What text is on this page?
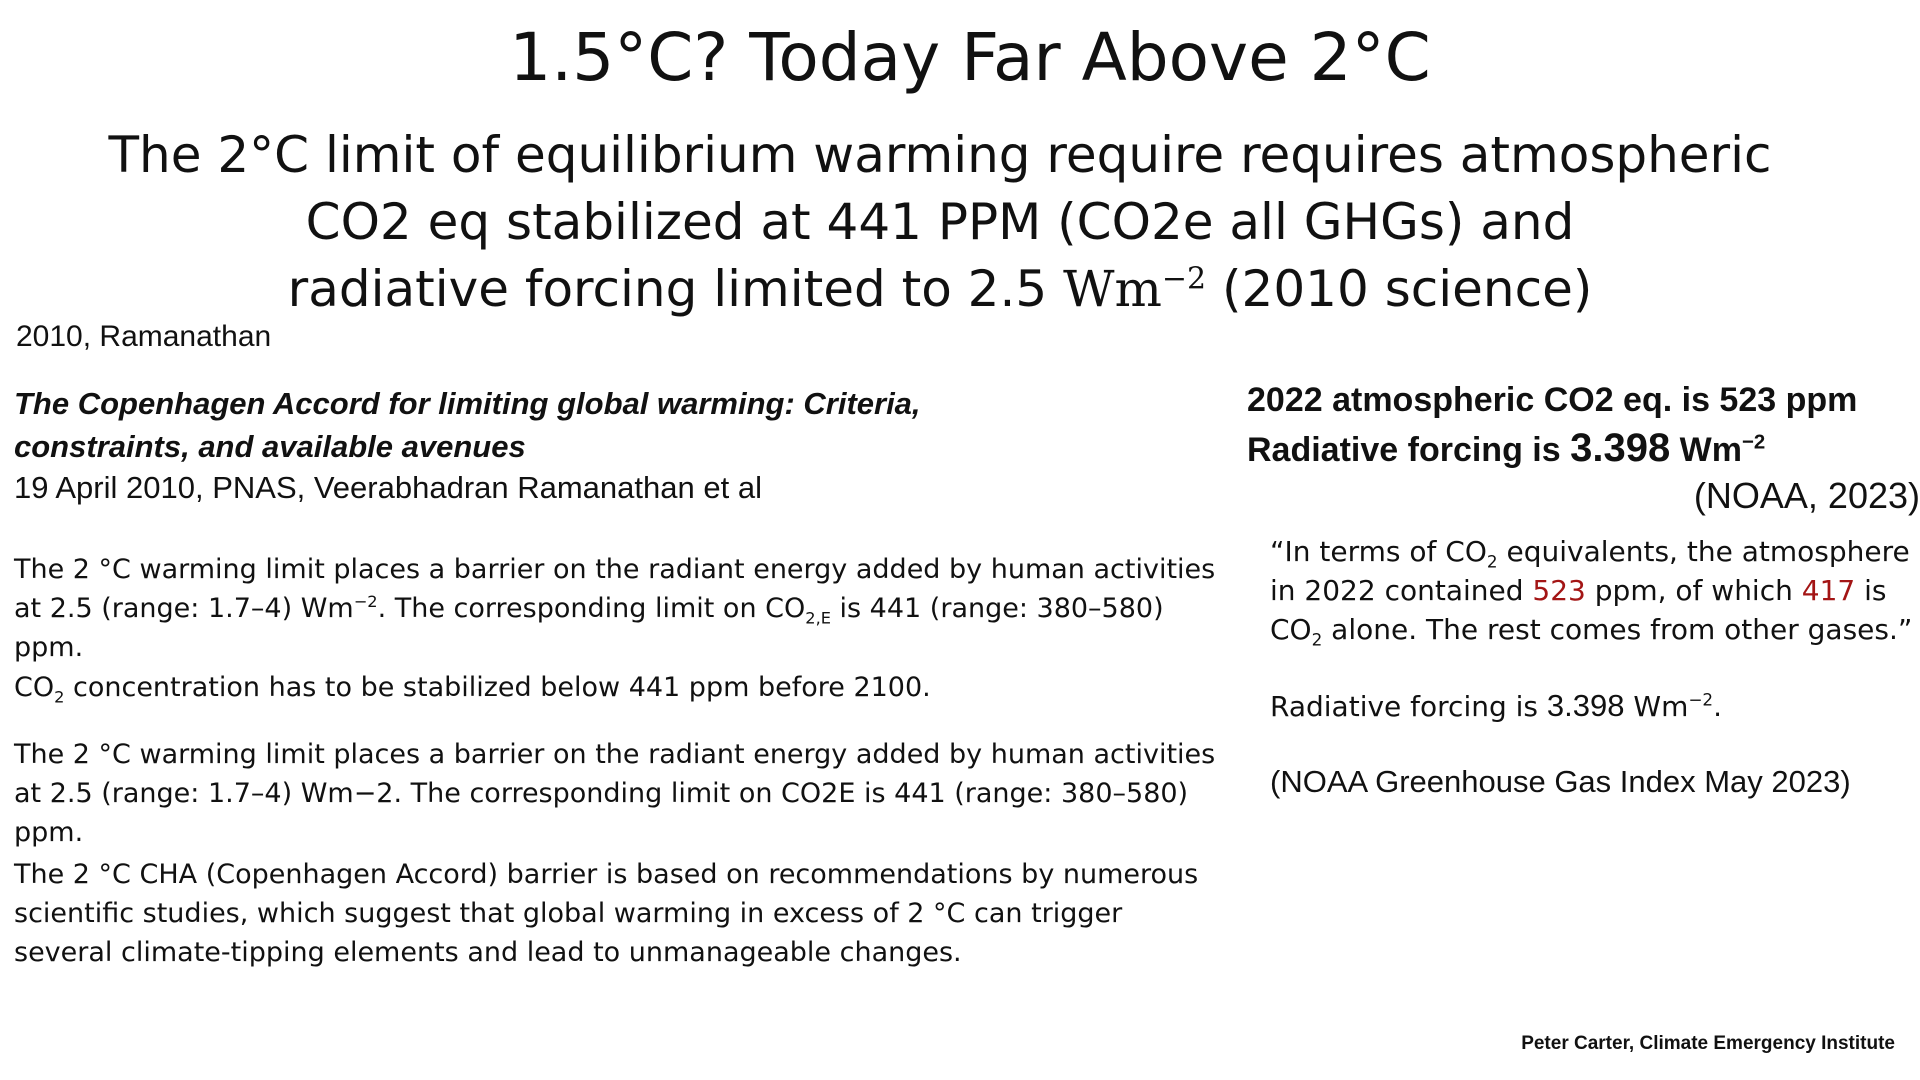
1.5°C? Today Far Above 2°C
The 2°C limit of equilibrium warming require requires atmospheric
CO2 eq stabilized at 441 PPM (CO2e all GHGs) and
radiative forcing limited to 2.5 $Wm^{-2}$ (2010 science)
2010, Ramanathan
The Copenhagen Accord for limiting global warming: Criteria, constraints, and available avenues
19 April 2010, PNAS, Veerabhadran Ramanathan et al
The 2 °C warming limit places a barrier on the radiant energy added by human activities at 2.5 (range: 1.7–4) $Wm^{-2}$. The corresponding limit on $CO_{2,E}$ is 441 (range: 380–580) ppm.
$CO_2$ concentration has to be stabilized below 441 ppm before 2100.
The 2 °C warming limit places a barrier on the radiant energy added by human activities at 2.5 (range: 1.7–4) Wm−2. The corresponding limit on CO2E is 441 (range: 380–580) ppm.
The 2 °C CHA (Copenhagen Accord) barrier is based on recommendations by numerous scientific studies, which suggest that global warming in excess of 2 °C can trigger several climate-tipping elements and lead to unmanageable changes.
2022 atmospheric CO2 eq. is 523 ppm
Radiative forcing is 3.398 $Wm^{-2}$
(NOAA, 2023)
“In terms of $CO_2$ equivalents, the atmosphere in 2022 contained 523 ppm, of which 417 is $CO_2$ alone. The rest comes from other gases.”
Radiative forcing is 3.398 $Wm^{-2}$.
(NOAA Greenhouse Gas Index May 2023)
Peter Carter, Climate Emergency Institute
